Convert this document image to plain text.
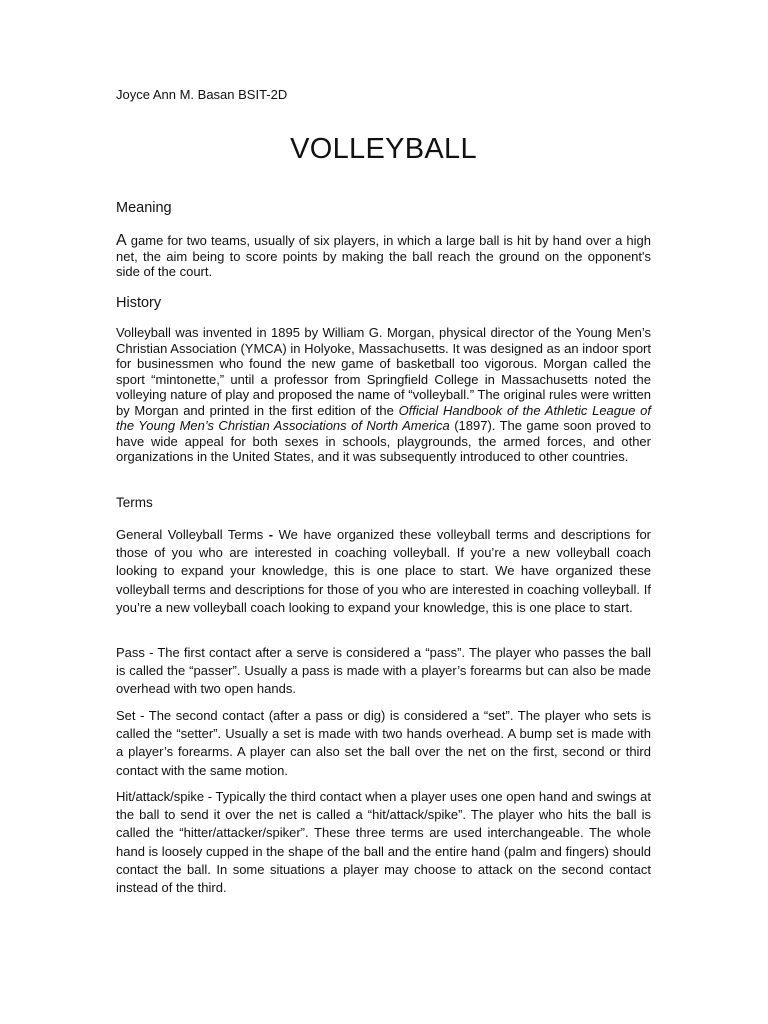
Joyce Ann M. Basan BSIT-2D
VOLLEYBALL
Meaning

A game for two teams, usually of six players, in which a large ball is hit by hand over a high net, the aim being to score points by making the ball reach the ground on the opponent's side of the court.

History

Volleyball was invented in 1895 by William G. Morgan, physical director of the Young Men’s Christian Association (YMCA) in Holyoke, Massachusetts. It was designed as an indoor sport for businessmen who found the new game of basketball too vigorous. Morgan called the sport “mintonette,” until a professor from Springfield College in Massachusetts noted the volleying nature of play and proposed the name of “volleyball.” The original rules were written by Morgan and printed in the first edition of the Official Handbook of the Athletic League of the Young Men’s Christian Associations of North America (1897). The game soon proved to have wide appeal for both sexes in schools, playgrounds, the armed forces, and other organizations in the United States, and it was subsequently introduced to other countries.

Terms

General Volleyball Terms - We have organized these volleyball terms and descriptions for those of you who are interested in coaching volleyball. If you’re a new volleyball coach looking to expand your knowledge, this is one place to start. We have organized these volleyball terms and descriptions for those of you who are interested in coaching volleyball. If you’re a new volleyball coach looking to expand your knowledge, this is one place to start.

Pass - The first contact after a serve is considered a “pass”. The player who passes the ball is called the “passer”. Usually a pass is made with a player’s forearms but can also be made overhead with two open hands.

Set - The second contact (after a pass or dig) is considered a “set”. The player who sets is called the “setter”. Usually a set is made with two hands overhead. A bump set is made with a player’s forearms. A player can also set the ball over the net on the first, second or third contact with the same motion.

Hit/attack/spike - Typically the third contact when a player uses one open hand and swings at the ball to send it over the net is called a “hit/attack/spike”. The player who hits the ball is called the “hitter/attacker/spiker”. These three terms are used interchangeable. The whole hand is loosely cupped in the shape of the ball and the entire hand (palm and fingers) should contact the ball. In some situations a player may choose to attack on the second contact instead of the third.
